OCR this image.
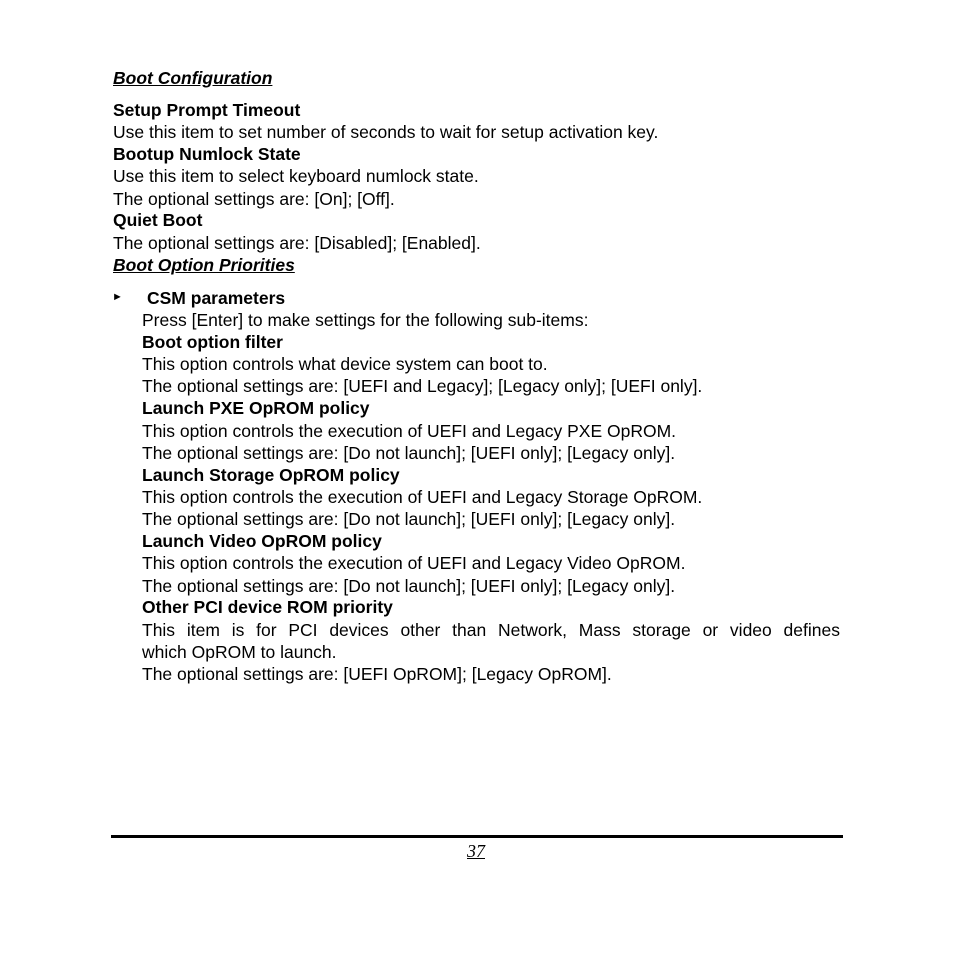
Boot Configuration
Setup Prompt Timeout
Use this item to set number of seconds to wait for setup activation key.
Bootup Numlock State
Use this item to select keyboard numlock state.
The optional settings are: [On]; [Off].
Quiet Boot
The optional settings are: [Disabled]; [Enabled].
Boot Option Priorities
► CSM parameters
Press [Enter] to make settings for the following sub-items:
Boot option filter
This option controls what device system can boot to.
The optional settings are: [UEFI and Legacy]; [Legacy only]; [UEFI only].
Launch PXE OpROM policy
This option controls the execution of UEFI and Legacy PXE OpROM.
The optional settings are: [Do not launch]; [UEFI only]; [Legacy only].
Launch Storage OpROM policy
This option controls the execution of UEFI and Legacy Storage OpROM.
The optional settings are: [Do not launch]; [UEFI only]; [Legacy only].
Launch Video OpROM policy
This option controls the execution of UEFI and Legacy Video OpROM.
The optional settings are: [Do not launch]; [UEFI only]; [Legacy only].
Other PCI device ROM priority
This item is for PCI devices other than Network, Mass storage or video defines
which OpROM to launch.
The optional settings are: [UEFI OpROM]; [Legacy OpROM].
37
